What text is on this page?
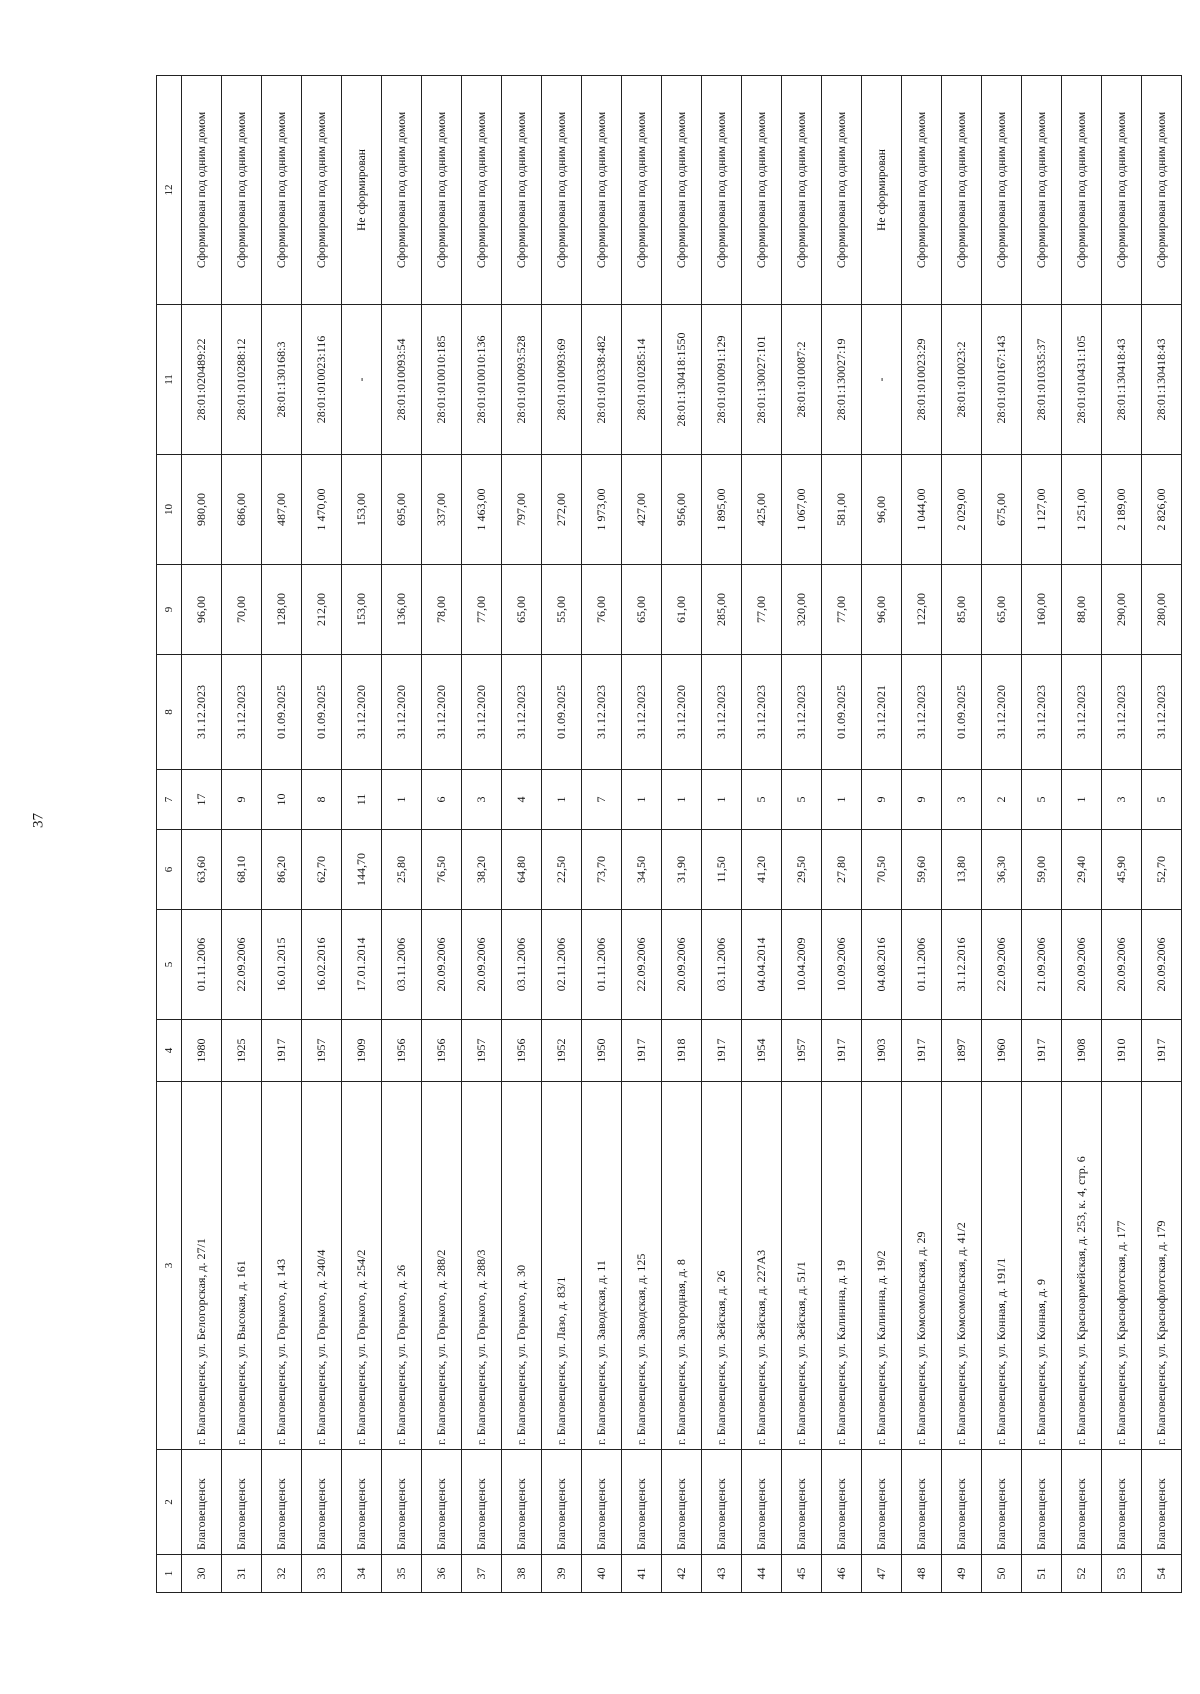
37
1	2	3	4	5	6	7	8	9	10	11	12
30	Благовещенск	г. Благовещенск, ул. Белогорская, д. 27/1	1980	01.11.2006	63,60	17	31.12.2023	96,00	980,00	28:01:020489:22	Сформирован под одним домом
31	Благовещенск	г. Благовещенск, ул. Высокая, д. 161	1925	22.09.2006	68,10	9	31.12.2023	70,00	686,00	28:01:010288:12	Сформирован под одним домом
32	Благовещенск	г. Благовещенск, ул. Горького, д. 143	1917	16.01.2015	86,20	10	01.09.2025	128,00	487,00	28:01:130168:3	Сформирован под одним домом
33	Благовещенск	г. Благовещенск, ул. Горького, д. 240/4	1957	16.02.2016	62,70	8	01.09.2025	212,00	1 470,00	28:01:010023:116	Сформирован под одним домом
34	Благовещенск	г. Благовещенск, ул. Горького, д. 254/2	1909	17.01.2014	144,70	11	31.12.2020	153,00	153,00	-	Не сформирован
35	Благовещенск	г. Благовещенск, ул. Горького, д. 26	1956	03.11.2006	25,80	1	31.12.2020	136,00	695,00	28:01:010093:54	Сформирован под одним домом
36	Благовещенск	г. Благовещенск, ул. Горького, д. 288/2	1956	20.09.2006	76,50	6	31.12.2020	78,00	337,00	28:01:010010:185	Сформирован под одним домом
37	Благовещенск	г. Благовещенск, ул. Горького, д. 288/3	1957	20.09.2006	38,20	3	31.12.2020	77,00	1 463,00	28:01:010010:136	Сформирован под одним домом
38	Благовещенск	г. Благовещенск, ул. Горького, д. 30	1956	03.11.2006	64,80	4	31.12.2023	65,00	797,00	28:01:010093:528	Сформирован под одним домом
39	Благовещенск	г. Благовещенск, ул. Лазо, д. 83/1	1952	02.11.2006	22,50	1	01.09.2025	55,00	272,00	28:01:010093:69	Сформирован под одним домом
40	Благовещенск	г. Благовещенск, ул. Заводская, д. 11	1950	01.11.2006	73,70	7	31.12.2023	76,00	1 973,00	28:01:010338:482	Сформирован под одним домом
41	Благовещенск	г. Благовещенск, ул. Заводская, д. 125	1917	22.09.2006	34,50	1	31.12.2023	65,00	427,00	28:01:010285:14	Сформирован под одним домом
42	Благовещенск	г. Благовещенск, ул. Загородная, д. 8	1918	20.09.2006	31,90	1	31.12.2020	61,00	956,00	28:01:130418:1550	Сформирован под одним домом
43	Благовещенск	г. Благовещенск, ул. Зейская, д. 26	1917	03.11.2006	11,50	1	31.12.2023	285,00	1 895,00	28:01:010091:129	Сформирован под одним домом
44	Благовещенск	г. Благовещенск, ул. Зейская, д. 227А3	1954	04.04.2014	41,20	5	31.12.2023	77,00	425,00	28:01:130027:101	Сформирован под одним домом
45	Благовещенск	г. Благовещенск, ул. Зейская, д. 51/1	1957	10.04.2009	29,50	5	31.12.2023	320,00	1 067,00	28:01:010087:2	Сформирован под одним домом
46	Благовещенск	г. Благовещенск, ул. Калинина, д. 19	1917	10.09.2006	27,80	1	01.09.2025	77,00	581,00	28:01:130027:19	Сформирован под одним домом
47	Благовещенск	г. Благовещенск, ул. Калинина, д. 19/2	1903	04.08.2016	70,50	9	31.12.2021	96,00	96,00	-	Не сформирован
48	Благовещенск	г. Благовещенск, ул. Комсомольская, д. 29	1917	01.11.2006	59,60	9	31.12.2023	122,00	1 044,00	28:01:010023:29	Сформирован под одним домом
49	Благовещенск	г. Благовещенск, ул. Комсомольская, д. 41/2	1897	31.12.2016	13,80	3	01.09.2025	85,00	2 029,00	28:01:010023:2	Сформирован под одним домом
50	Благовещенск	г. Благовещенск, ул. Конная, д. 191/1	1960	22.09.2006	36,30	2	31.12.2020	65,00	675,00	28:01:010167:143	Сформирован под одним домом
51	Благовещенск	г. Благовещенск, ул. Конная, д. 9	1917	21.09.2006	59,00	5	31.12.2023	160,00	1 127,00	28:01:010335:37	Сформирован под одним домом
52	Благовещенск	г. Благовещенск, ул. Красноармейская, д. 253, к. 4, стр. 6	1908	20.09.2006	29,40	1	31.12.2023	88,00	1 251,00	28:01:010431:105	Сформирован под одним домом
53	Благовещенск	г. Благовещенск, ул. Краснофлотская, д. 177	1910	20.09.2006	45,90	3	31.12.2023	290,00	2 189,00	28:01:130418:43	Сформирован под одним домом
54	Благовещенск	г. Благовещенск, ул. Краснофлотская, д. 179	1917	20.09.2006	52,70	5	31.12.2023	280,00	2 826,00	28:01:130418:43	Сформирован под одним домом
